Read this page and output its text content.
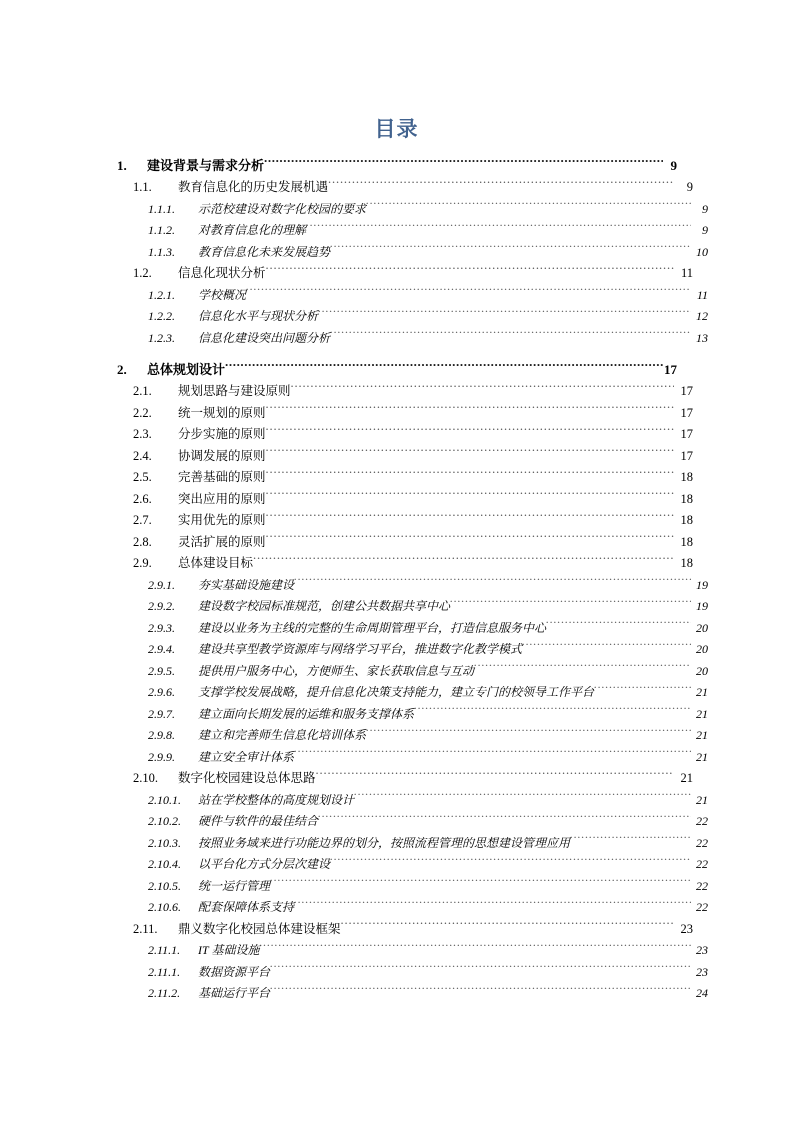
目录
1.	建设背景与需求分析 .....	9
1.1.	教育信息化的历史发展机遇 .....	9
1.1.1.	示范校建设对数字化校园的要求 .....	9
1.1.2.	对教育信息化的理解 .....	9
1.1.3.	教育信息化未来发展趋势 .....	10
1.2.	信息化现状分析 .....	11
1.2.1.	学校概况 .....	11
1.2.2.	信息化水平与现状分析 .....	12
1.2.3.	信息化建设突出问题分析 .....	13
2.	总体规划设计 .....	17
2.1.	规划思路与建设原则 .....	17
2.2.	统一规划的原则 .....	17
2.3.	分步实施的原则 .....	17
2.4.	协调发展的原则 .....	17
2.5.	完善基础的原则 .....	18
2.6.	突出应用的原则 .....	18
2.7.	实用优先的原则 .....	18
2.8.	灵活扩展的原则 .....	18
2.9.	总体建设目标 .....	18
2.9.1.	夯实基础设施建设 .....	19
2.9.2.	建设数字校园标准规范，创建公共数据共享中心 .....	19
2.9.3.	建设以业务为主线的完整的生命周期管理平台，打造信息服务中心 .....	20
2.9.4.	建设共享型教学资源库与网络学习平台，推进数字化教学模式 .....	20
2.9.5.	提供用户服务中心，方便师生、家长获取信息与互动 .....	20
2.9.6.	支撑学校发展战略，提升信息化决策支持能力，建立专门的校领导工作平台 .....	21
2.9.7.	建立面向长期发展的运维和服务支撑体系 .....	21
2.9.8.	建立和完善师生信息化培训体系 .....	21
2.9.9.	建立安全审计体系 .....	21
2.10.	数字化校园建设总体思路 .....	21
2.10.1.	站在学校整体的高度规划设计 .....	21
2.10.2.	硬件与软件的最佳结合 .....	22
2.10.3.	按照业务域来进行功能边界的划分，按照流程管理的思想建设管理应用 .....	22
2.10.4.	以平台化方式分层次建设 .....	22
2.10.5.	统一运行管理 .....	22
2.10.6.	配套保障体系支持 .....	22
2.11.	鼎义数字化校园总体建设框架 .....	23
2.11.1.	IT 基础设施 .....	23
2.11.1.	数据资源平台 .....	23
2.11.2.	基础运行平台 .....	24
